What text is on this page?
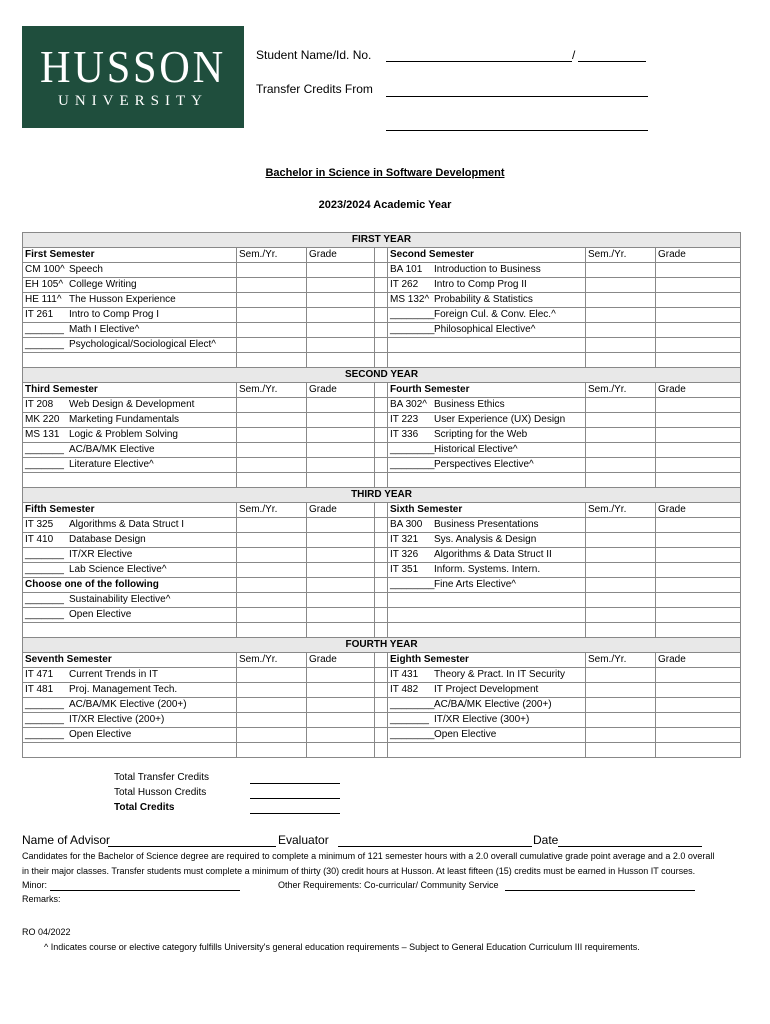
HUSSON
UNIVERSITY
Student Name/Id. No.	/
Transfer Credits From
Bachelor in Science in Software Development
2023/2024 Academic Year
FIRST YEAR						
First Semester	Sem./Yr.	Grade		Second Semester	Sem./Yr.	Grade
CM 100^ Speech				BA 101 Introduction to Business		
EH 105^ College Writing				IT 262 Intro to Comp Prog II		
HE 111^ The Husson Experience				MS 132^ Probability & Statistics		
IT 261 Intro to Comp Prog I				________Foreign Cul. & Conv. Elec.^		
_______ Math I Elective^				________Philosophical Elective^		
_______ Psychological/Sociological Elect^						

SECOND YEAR						
Third Semester	Sem./Yr.	Grade		Fourth Semester	Sem./Yr.	Grade
IT 208 Web Design & Development				BA 302^ Business Ethics		
MK 220 Marketing Fundamentals				IT 223 User Experience (UX) Design		
MS 131 Logic & Problem Solving				IT 336 Scripting for the Web		
_______ AC/BA/MK Elective				________Historical Elective^		
_______ Literature Elective^				________Perspectives Elective^		

THIRD YEAR						
Fifth Semester	Sem./Yr.	Grade		Sixth Semester	Sem./Yr.	Grade
IT 325 Algorithms & Data Struct I				BA 300 Business Presentations		
IT 410 Database Design				IT 321 Sys. Analysis & Design		
_______ IT/XR Elective				IT 326 Algorithms & Data Struct II		
_______ Lab Science Elective^				IT 351 Inform. Systems. Intern.		
Choose one of the following				________Fine Arts Elective^		
_______ Sustainability Elective^						
_______ Open Elective						

FOURTH YEAR						
Seventh Semester	Sem./Yr.	Grade		Eighth Semester	Sem./Yr.	Grade
IT 471 Current Trends in IT				IT 431 Theory & Pract. In IT Security		
IT 481 Proj. Management Tech.				IT 482 IT Project Development		
_______ AC/BA/MK Elective (200+)				________AC/BA/MK Elective (200+)		
_______ IT/XR Elective (200+)				_______ IT/XR Elective (300+)		
_______ Open Elective				________Open Elective		

Total Transfer Credits
Total Husson Credits
Total Credits
Name of Advisor	Evaluator	Date
Candidates for the Bachelor of Science degree are required to complete a minimum of 121 semester hours with a 2.0 overall cumulative grade point average and a 2.0 overall
in their major classes. Transfer students must complete a minimum of thirty (30) credit hours at Husson. At least fifteen (15) credits must be earned in Husson IT courses.
Minor:	Other Requirements: Co-curricular/ Community Service
Remarks:
RO 04/2022
^ Indicates course or elective category fulfills University's general education requirements – Subject to General Education Curriculum III requirements.
